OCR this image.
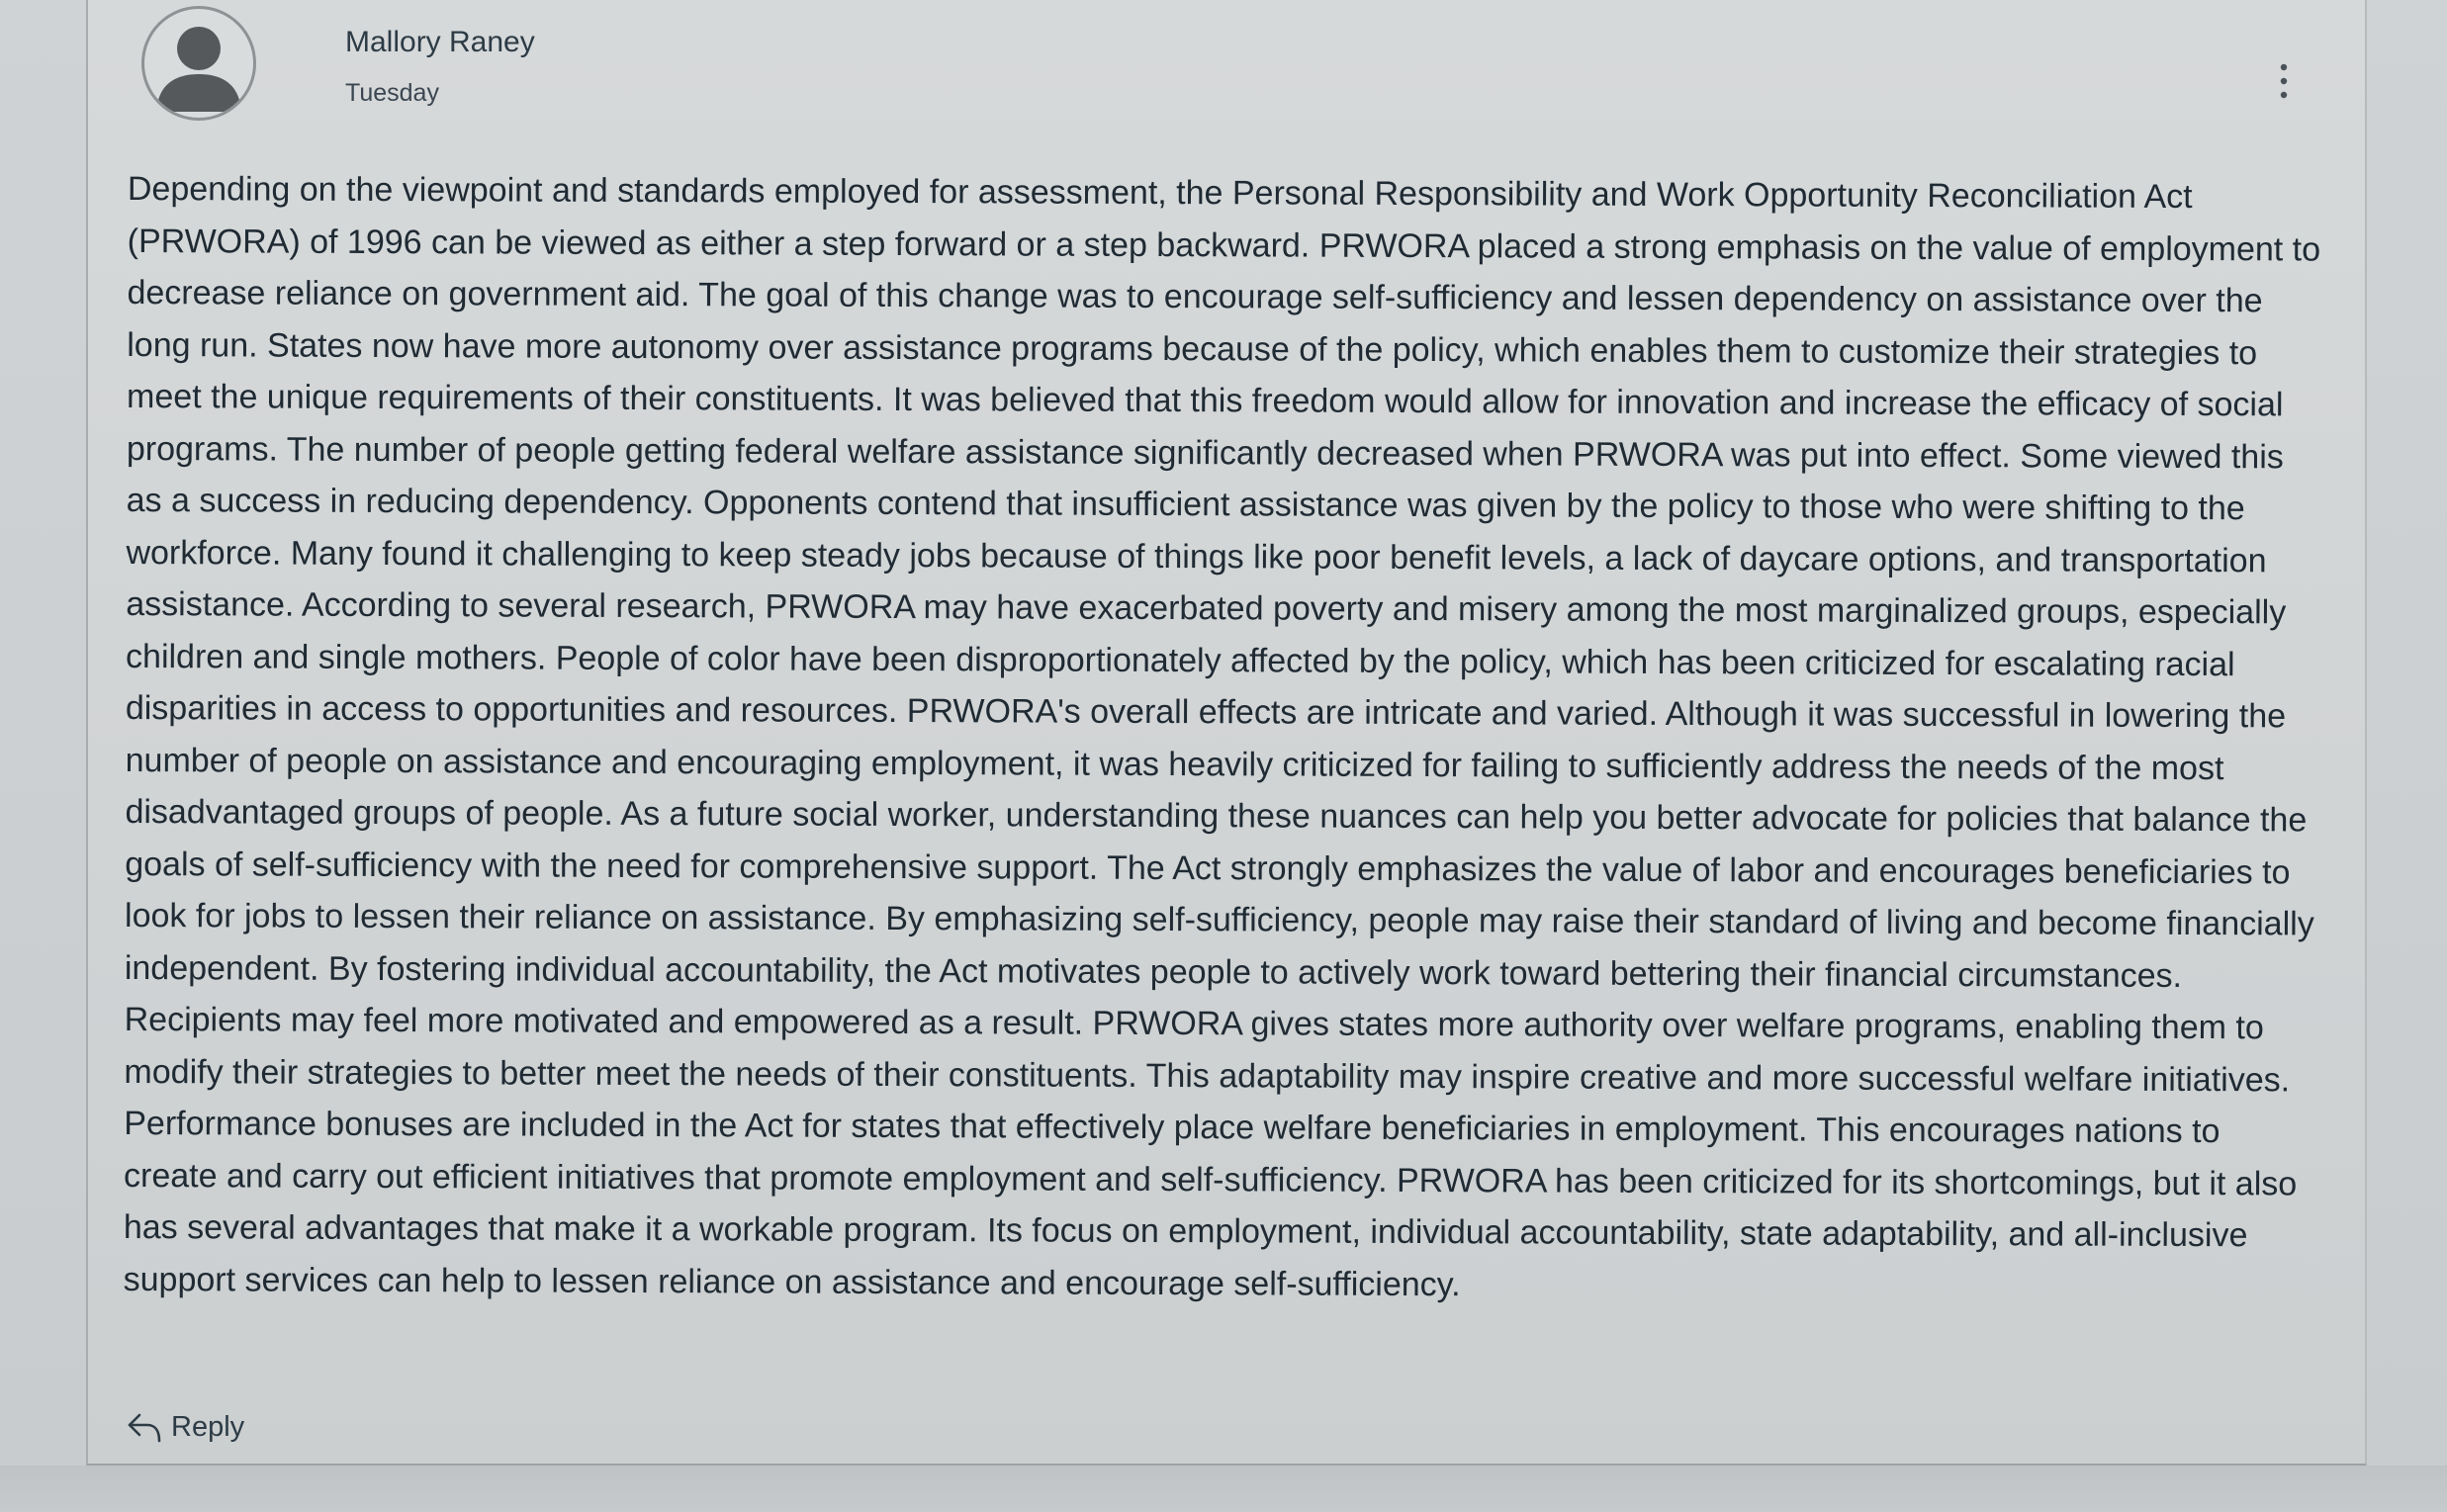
Mallory Raney
Tuesday

Depending on the viewpoint and standards employed for assessment, the Personal Responsibility and Work Opportunity Reconciliation Act (PRWORA) of 1996 can be viewed as either a step forward or a step backward. PRWORA placed a strong emphasis on the value of employment to decrease reliance on government aid. The goal of this change was to encourage self-sufficiency and lessen dependency on assistance over the long run. States now have more autonomy over assistance programs because of the policy, which enables them to customize their strategies to meet the unique requirements of their constituents. It was believed that this freedom would allow for innovation and increase the efficacy of social programs. The number of people getting federal welfare assistance significantly decreased when PRWORA was put into effect. Some viewed this as a success in reducing dependency. Opponents contend that insufficient assistance was given by the policy to those who were shifting to the workforce. Many found it challenging to keep steady jobs because of things like poor benefit levels, a lack of daycare options, and transportation assistance. According to several research, PRWORA may have exacerbated poverty and misery among the most marginalized groups, especially children and single mothers. People of color have been disproportionately affected by the policy, which has been criticized for escalating racial disparities in access to opportunities and resources. PRWORA's overall effects are intricate and varied. Although it was successful in lowering the number of people on assistance and encouraging employment, it was heavily criticized for failing to sufficiently address the needs of the most disadvantaged groups of people. As a future social worker, understanding these nuances can help you better advocate for policies that balance the goals of self-sufficiency with the need for comprehensive support. The Act strongly emphasizes the value of labor and encourages beneficiaries to look for jobs to lessen their reliance on assistance. By emphasizing self-sufficiency, people may raise their standard of living and become financially independent. By fostering individual accountability, the Act motivates people to actively work toward bettering their financial circumstances. Recipients may feel more motivated and empowered as a result. PRWORA gives states more authority over welfare programs, enabling them to modify their strategies to better meet the needs of their constituents. This adaptability may inspire creative and more successful welfare initiatives. Performance bonuses are included in the Act for states that effectively place welfare beneficiaries in employment. This encourages nations to create and carry out efficient initiatives that promote employment and self-sufficiency. PRWORA has been criticized for its shortcomings, but it also has several advantages that make it a workable program. Its focus on employment, individual accountability, state adaptability, and all-inclusive support services can help to lessen reliance on assistance and encourage self-sufficiency.

Reply
